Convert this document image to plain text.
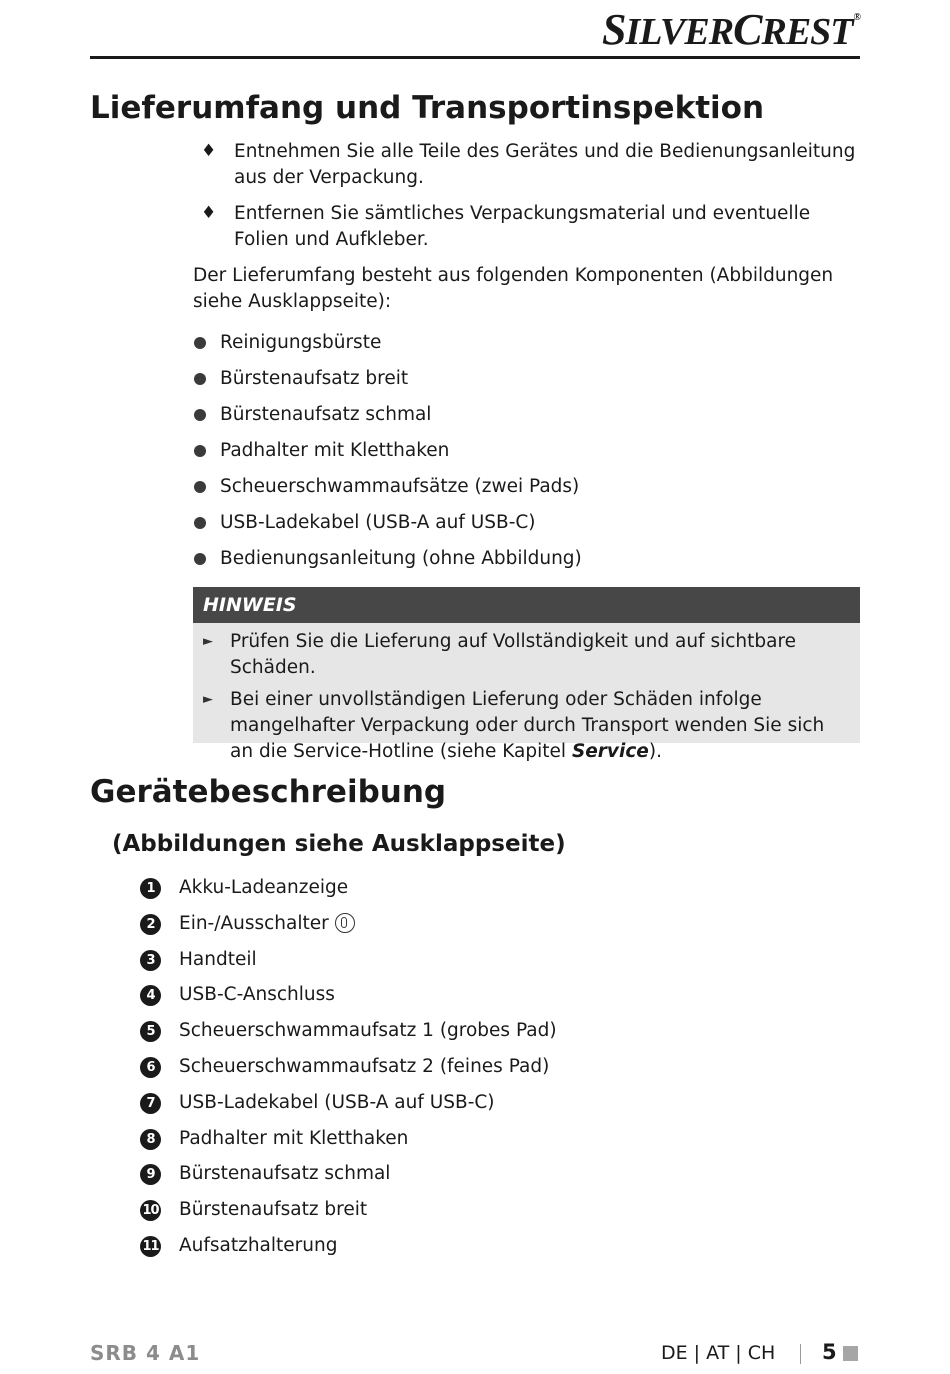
SILVERCREST®
Lieferumfang und Transportinspektion
♦ Entnehmen Sie alle Teile des Gerätes und die Bedienungsanleitung aus der Verpackung.
♦ Entfernen Sie sämtliches Verpackungsmaterial und eventuelle Folien und Aufkleber.

Der Lieferumfang besteht aus folgenden Komponenten (Abbildungen siehe Ausklappseite):

Reinigungsbürste
Bürstenaufsatz breit
Bürstenaufsatz schmal
Padhalter mit Kletthaken
Scheuerschwammaufsätze (zwei Pads)
USB-Ladekabel (USB-A auf USB-C)
Bedienungsanleitung (ohne Abbildung)
HINWEIS
► Prüfen Sie die Lieferung auf Vollständigkeit und auf sichtbare Schäden.
► Bei einer unvollständigen Lieferung oder Schäden infolge mangelhafter Verpackung oder durch Transport wenden Sie sich an die Service-Hotline (siehe Kapitel Service).
Gerätebeschreibung
(Abbildungen siehe Ausklappseite)
1	Akku-Ladeanzeige
2	Ein-/Ausschalter
3	Handteil
4	USB-C-Anschluss
5	Scheuerschwammaufsatz 1 (grobes Pad)
6	Scheuerschwammaufsatz 2 (feines Pad)
7	USB-Ladekabel (USB-A auf USB-C)
8	Padhalter mit Kletthaken
9	Bürstenaufsatz schmal
10 Bürstenaufsatz breit
11 Aufsatzhalterung
SRB 4 A1	DE | AT | CH 5
